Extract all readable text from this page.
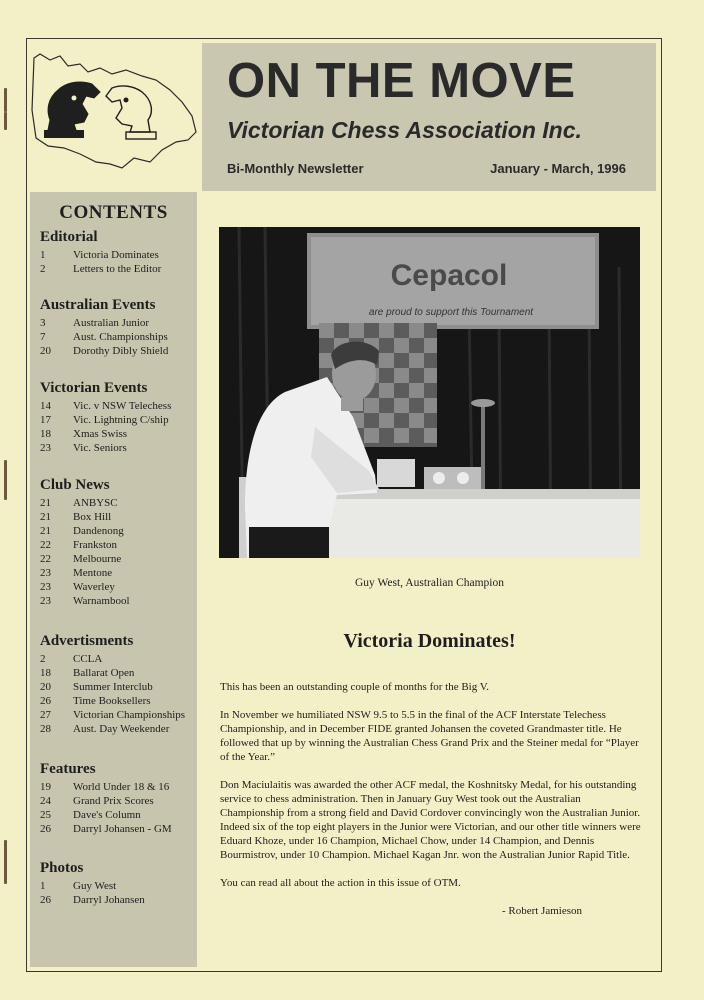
ON THE MOVE
Victorian Chess Association Inc.
Bi-Monthly Newsletter	January - March, 1996
CONTENTS
Editorial
1	Victoria Dominates
2	Letters to the Editor
Australian Events
3	Australian Junior
7	Aust. Championships
20	Dorothy Dibly Shield
Victorian Events
14	Vic. v NSW Telechess
17	Vic. Lightning C/ship
18	Xmas Swiss
23	Vic. Seniors
Club News
21	ANBYSC
21	Box Hill
21	Dandenong
22	Frankston
22	Melbourne
23	Mentone
23	Waverley
23	Warnambool
Advertisments
2	CCLA
18	Ballarat Open
20	Summer Interclub
26	Time Booksellers
27	Victorian Championships
28	Aust. Day Weekender
Features
19	World Under 18 & 16
24	Grand Prix Scores
25	Dave's Column
26	Darryl Johansen - GM
Photos
1	Guy West
26	Darryl Johansen
Cepacol
are proud to support this Tournament

Guy West, Australian Champion

Victoria Dominates!

This has been an outstanding couple of months for the Big V.

In November we humiliated NSW 9.5 to 5.5 in the final of the ACF Interstate Telechess Championship, and in December FIDE granted Johansen the coveted Grandmaster title. He followed that up by winning the Australian Chess Grand Prix and the Steiner medal for “Player of the Year.”

Don Maciulaitis was awarded the other ACF medal, the Koshnitsky Medal, for his outstanding service to chess administration. Then in January Guy West took out the Australian Championship from a strong field and David Cordover convincingly won the Australian Junior. Indeed six of the top eight players in the Junior were Victorian, and our other title winners were Eduard Khoze, under 16 Champion, Michael Chow, under 14 Champion, and Dennis Bourmistrov, under 10 Champion. Michael Kagan Jnr. won the Australian Junior Rapid Title.

You can read all about the action in this issue of OTM.

- Robert Jamieson
